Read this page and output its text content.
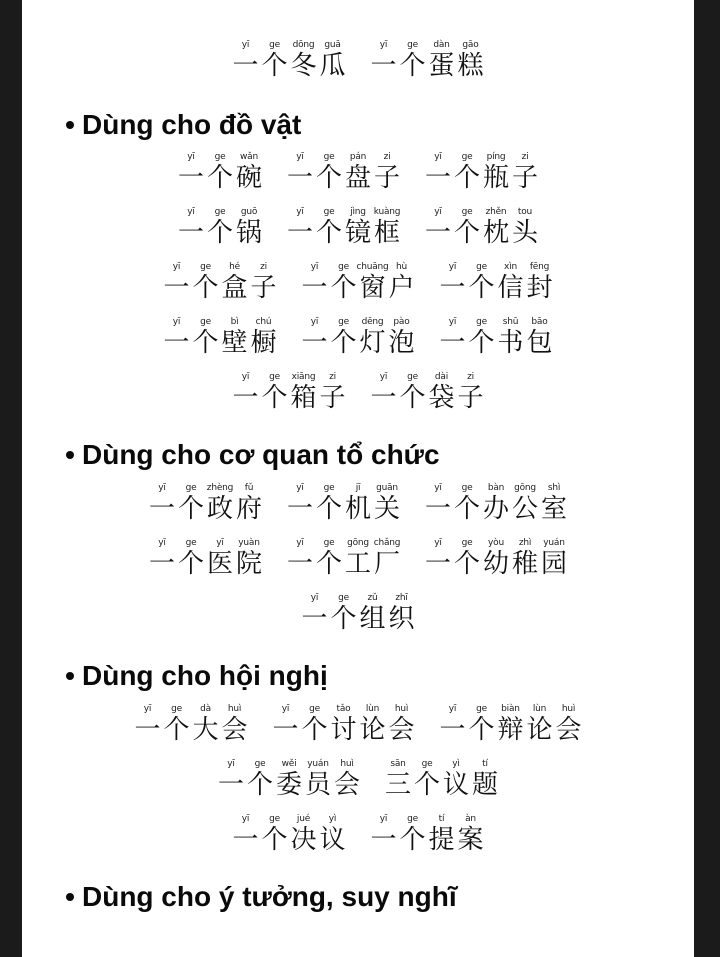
yī
一
ge
个
dōng
冬
guā
瓜
yī
一
ge
个
dàn
蛋
gāo
糕
Dùng cho đồ vật
yī
一
ge
个
wǎn
碗
yī
一
ge
个
pán
盘
zi
子
yī
一
ge
个
píng
瓶
zi
子
yī
一
ge
个
guō
锅
yī
一
ge
个
jìng
镜
kuàng
框
yī
一
ge
个
zhěn
枕
tou
头
yī
一
ge
个
hé
盒
zi
子
yī
一
ge
个
chuāng
窗
hù
户
yī
一
ge
个
xìn
信
fēng
封
yī
一
ge
个
bì
壁
chú
橱
yī
一
ge
个
dēng
灯
pào
泡
yī
一
ge
个
shū
书
bāo
包
yī
一
ge
个
xiāng
箱
zi
子
yī
一
ge
个
dài
袋
zi
子
Dùng cho cơ quan tổ chức
yī
一
ge
个
zhèng
政
fǔ
府
yī
一
ge
个
jī
机
guān
关
yī
一
ge
个
bàn
办
gōng
公
shì
室
yī
一
ge
个
yī
医
yuàn
院
yī
一
ge
个
gōng
工
chǎng
厂
yī
一
ge
个
yòu
幼
zhì
稚
yuán
园
yī
一
ge
个
zǔ
组
zhī
织
Dùng cho hội nghị
yī
一
ge
个
dà
大
huì
会
yī
一
ge
个
tǎo
讨
lùn
论
huì
会
yī
一
ge
个
biàn
辩
lùn
论
huì
会
yī
一
ge
个
wěi
委
yuán
员
huì
会
sān
三
ge
个
yì
议
tí
题
yī
一
ge
个
jué
决
yì
议
yī
一
ge
个
tí
提
àn
案
Dùng cho ý tưởng, suy nghĩ
